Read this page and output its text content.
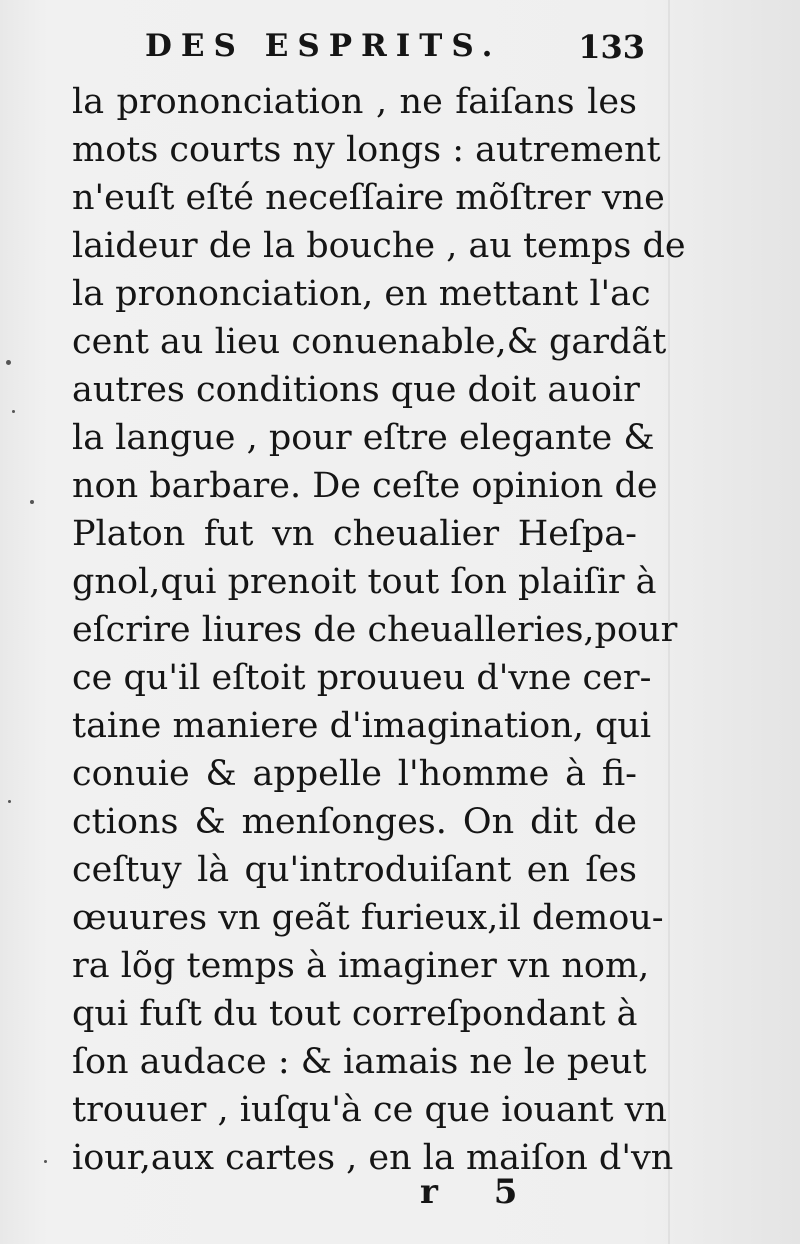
DES ESPRITS. 133
la prononciation , ne faiſans les
mots courts ny longs : autrement
n'euſt eſté neceſſaire mõſtrer vne
laideur de la bouche , au temps de
la prononciation, en mettant l'ac
cent au lieu conuenable,& gardãt
autres conditions que doit auoir
la langue , pour eſtre elegante &
non barbare. De ceſte opinion de
Platon fut vn cheualier Heſpa-
gnol,qui prenoit tout ſon plaiſir à
eſcrire liures de cheualleries,pour
ce qu'il eſtoit prouueu d'vne cer-
taine maniere d'imagination, qui
conuie & appelle l'homme à fi-
ctions & menſonges. On dit de
ceſtuy là qu'introduiſant en ſes
œuures vn geãt furieux,il demou-
ra lõg temps à imaginer vn nom,
qui fuſt du tout correſpondant à
ſon audace : & iamais ne le peut
trouuer , iuſqu'à ce que iouant vn
iour,aux cartes , en la maiſon d'vn
r 5
